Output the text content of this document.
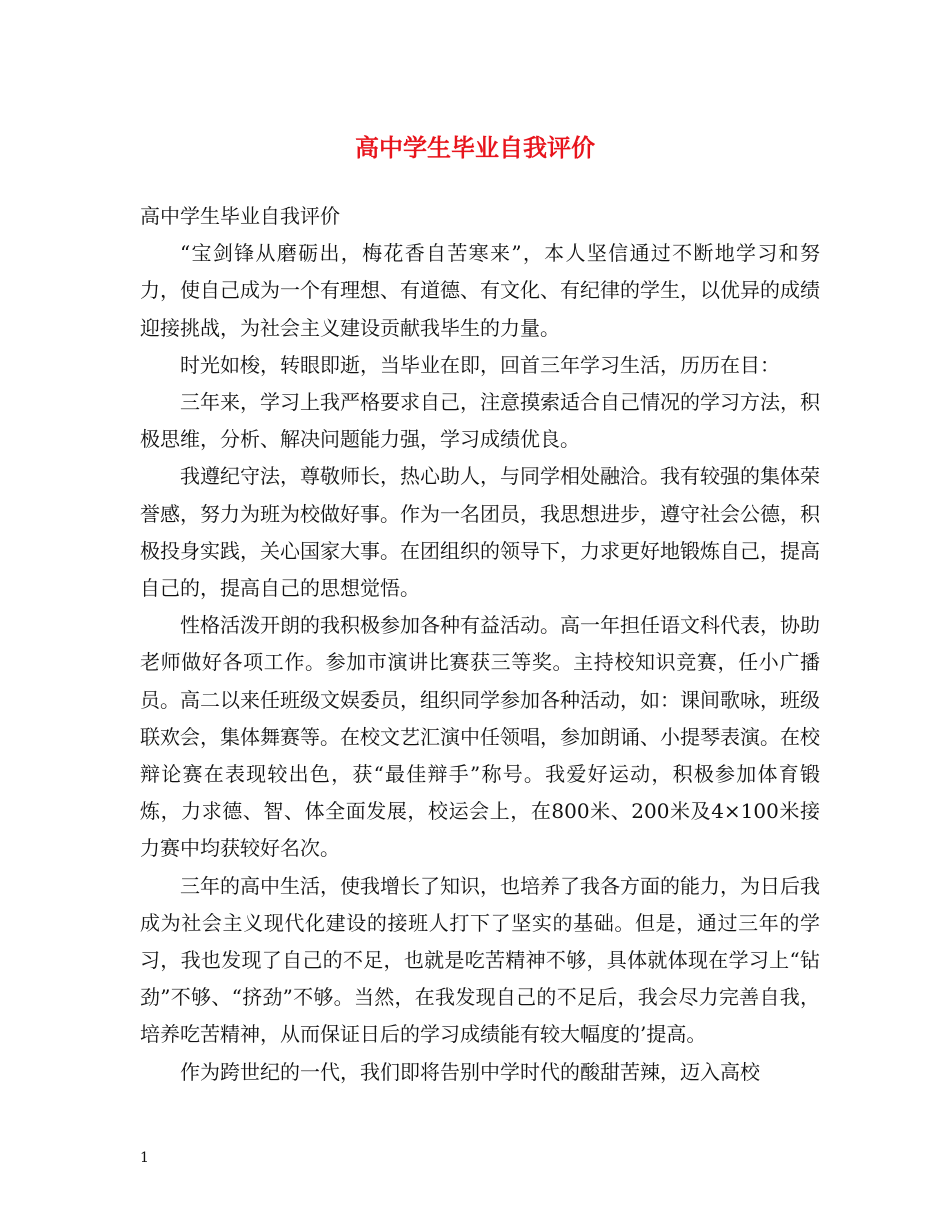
高中学生毕业自我评价

高中学生毕业自我评价

“宝剑锋从磨砺出，梅花香自苦寒来”，本人坚信通过不断地学习和努力，使自己成为一个有理想、有道德、有文化、有纪律的学生，以优异的成绩迎接挑战，为社会主义建设贡献我毕生的力量。

时光如梭，转眼即逝，当毕业在即，回首三年学习生活，历历在目：

三年来，学习上我严格要求自己，注意摸索适合自己情况的学习方法，积极思维，分析、解决问题能力强，学习成绩优良。

我遵纪守法，尊敬师长，热心助人，与同学相处融洽。我有较强的集体荣誉感，努力为班为校做好事。作为一名团员，我思想进步，遵守社会公德，积极投身实践，关心国家大事。在团组织的领导下，力求更好地锻炼自己，提高自己的，提高自己的思想觉悟。

性格活泼开朗的我积极参加各种有益活动。高一年担任语文科代表，协助老师做好各项工作。参加市演讲比赛获三等奖。主持校知识竞赛，任小广播员。高二以来任班级文娱委员，组织同学参加各种活动，如：课间歌咏，班级联欢会，集体舞赛等。在校文艺汇演中任领唱，参加朗诵、小提琴表演。在校辩论赛在表现较出色，获“最佳辩手”称号。我爱好运动，积极参加体育锻炼，力求德、智、体全面发展，校运会上，在800米、200米及4×100米接力赛中均获较好名次。

三年的高中生活，使我增长了知识，也培养了我各方面的能力，为日后我成为社会主义现代化建设的接班人打下了坚实的基础。但是，通过三年的学习，我也发现了自己的不足，也就是吃苦精神不够，具体就体现在学习上“钻劲”不够、“挤劲”不够。当然，在我发现自己的不足后，我会尽力完善自我，培养吃苦精神，从而保证日后的学习成绩能有较大幅度的’提高。

作为跨世纪的一代，我们即将告别中学时代的酸甜苦辣，迈入高校

1
